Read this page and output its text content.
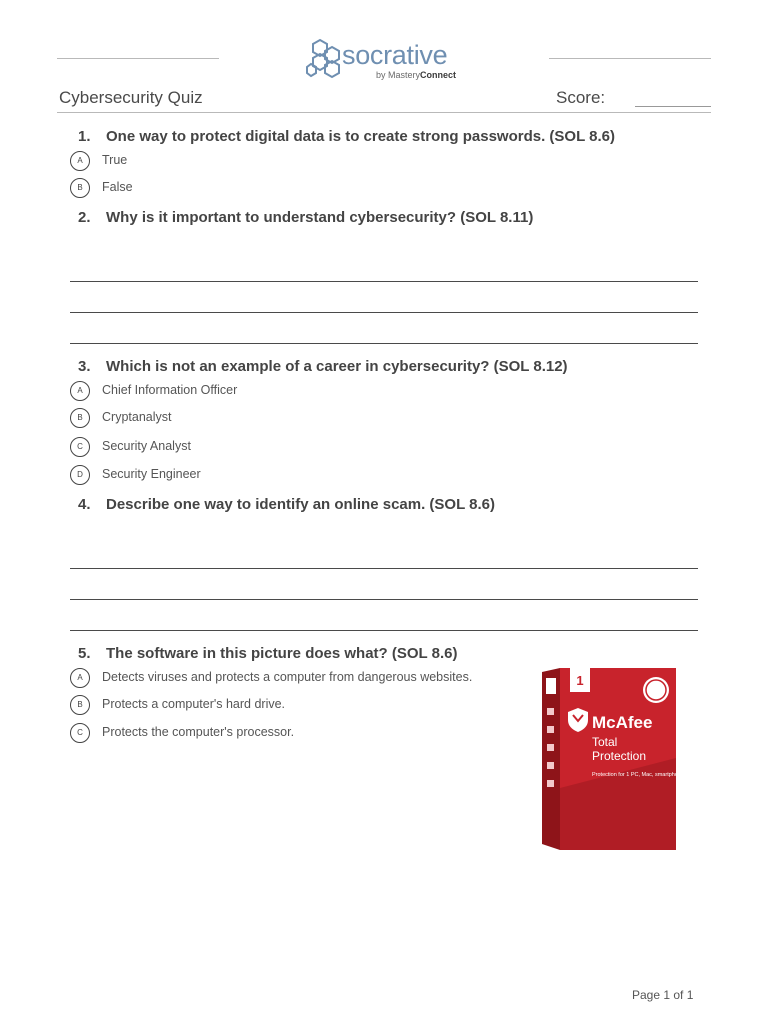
socrative
by MasteryConnect
Cybersecurity Quiz	Score:
1. One way to protect digital data is to create strong passwords. (SOL 8.6)
A	True
B	False
2. Why is it important to understand cybersecurity? (SOL 8.11)
3. Which is not an example of a career in cybersecurity? (SOL 8.12)
A	Chief Information Officer
B	Cryptanalyst
C	Security Analyst
D	Security Engineer
4. Describe one way to identify an online scam. (SOL 8.6)
5. The software in this picture does what? (SOL 8.6)
A	Detects viruses and protects a computer from dangerous websites.
B	Protects a computer's hard drive.
C	Protects the computer's processor.
1
McAfee
Total
Protection
Protection for 1 PC, Mac, smartphone or tablet
Page 1 of 1
